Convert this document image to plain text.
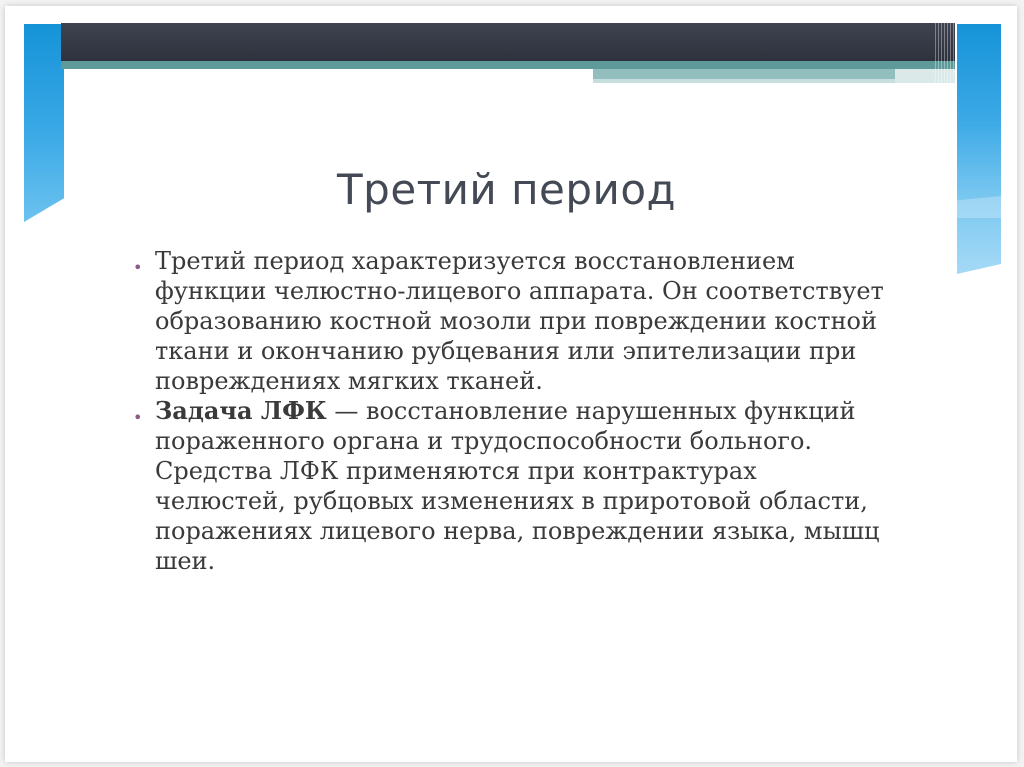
Третий период
• Третий период характеризуется восстановлением функции челюстно-лицевого аппарата. Он соответствует образованию костной мозоли при повреждении костной ткани и окончанию рубцевания или эпителизации при повреждениях мягких тканей.
• Задача ЛФК — восстановление нарушенных функций пораженного органа и трудоспособности больного. Средства ЛФК применяются при контрактурах челюстей, рубцовых изменениях в приротовой области, поражениях лицевого нерва, повреждении языка, мышц шеи.
